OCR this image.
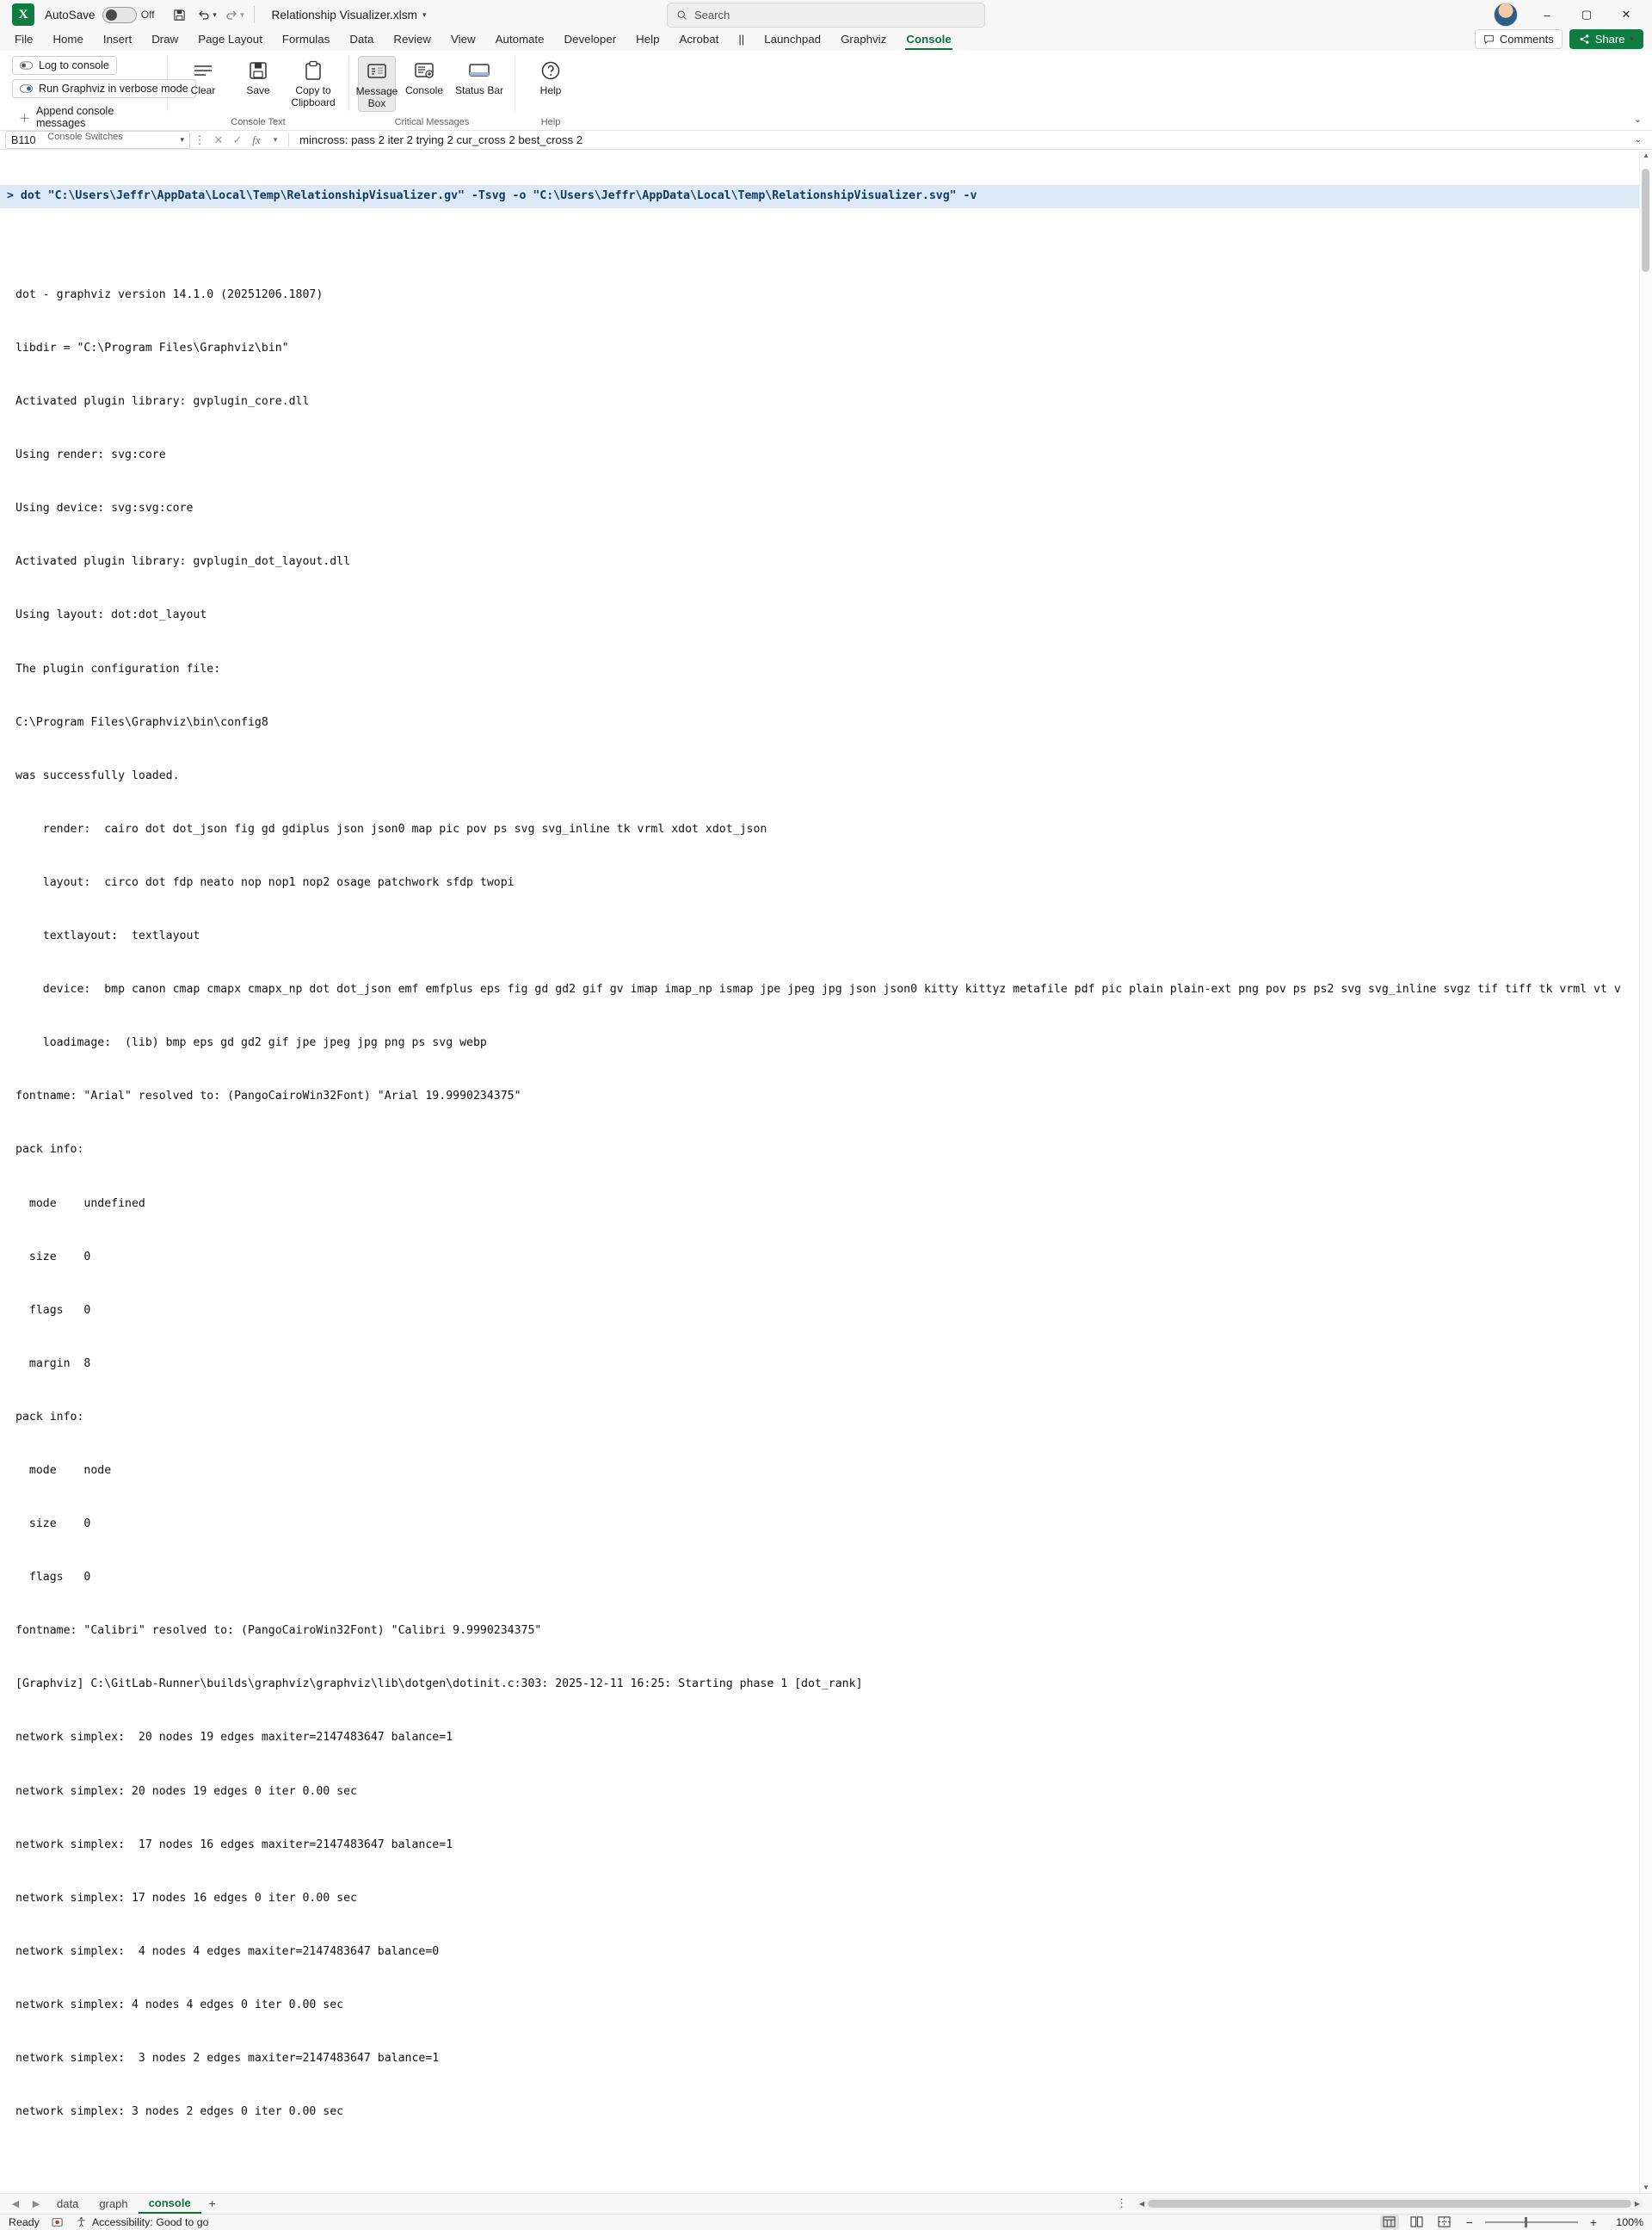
X	AutoSave	Off	▾	▾ Relationship Visualizer.xlsm ▾	Search	–	▢	✕
File	Home	Insert	Draw	Page Layout	Formulas	Data	Review	View	Automate	Developer	Help	Acrobat	||	Launchpad	Graphviz	Console	Comments	Share ▾
Log to console
Run Graphviz in verbose mode
＋
Append console messages
Console Switches
Clear	Save	Copy to Clipboard
Console Text
Message Box
Console Status Bar
Critical Messages
Help
Help	⌄
B110	▾ ⋮ ✕ ✓ fx	▾	mincross: pass 2 iter 2 trying 2 cur_cross 2 best_cross 2	⌄

> dot "C:\Users\Jeffr\AppData\Local\Temp\RelationshipVisualizer.gv" -Tsvg -o "C:\Users\Jeffr\AppData\Local\Temp\RelationshipVisualizer.svg" -v

dot - graphviz version 14.1.0 (20251206.1807)

libdir = "C:\Program Files\Graphviz\bin"

Activated plugin library: gvplugin_core.dll

Using render: svg:core

Using device: svg:svg:core

Activated plugin library: gvplugin_dot_layout.dll

Using layout: dot:dot_layout

The plugin configuration file:

C:\Program Files\Graphviz\bin\config8

was successfully loaded.

render:  cairo dot dot_json fig gd gdiplus json json0 map pic pov ps svg svg_inline tk vrml xdot xdot_json

layout:  circo dot fdp neato nop nop1 nop2 osage patchwork sfdp twopi

textlayout:  textlayout

device:  bmp canon cmap cmapx cmapx_np dot dot_json emf emfplus eps fig gd gd2 gif gv imap imap_np ismap jpe jpeg jpg json json0 kitty kittyz metafile pdf pic plain plain-ext png pov ps ps2 svg svg_inline svgz tif tiff tk vrml vt v

loadimage:  (lib) bmp eps gd gd2 gif jpe jpeg jpg png ps svg webp

fontname: "Arial" resolved to: (PangoCairoWin32Font) "Arial 19.9990234375"

pack info:

mode    undefined

size    0

flags   0

margin  8

pack info:

mode    node

size    0

flags   0

fontname: "Calibri" resolved to: (PangoCairoWin32Font) "Calibri 9.9990234375"

[Graphviz] C:\GitLab-Runner\builds\graphviz\graphviz\lib\dotgen\dotinit.c:303: 2025-12-11 16:25: Starting phase 1 [dot_rank]

network simplex:  20 nodes 19 edges maxiter=2147483647 balance=1

network simplex: 20 nodes 19 edges 0 iter 0.00 sec

network simplex:  17 nodes 16 edges maxiter=2147483647 balance=1

network simplex: 17 nodes 16 edges 0 iter 0.00 sec

network simplex:  4 nodes 4 edges maxiter=2147483647 balance=0

network simplex: 4 nodes 4 edges 0 iter 0.00 sec

network simplex:  3 nodes 2 edges maxiter=2147483647 balance=1

network simplex: 3 nodes 2 edges 0 iter 0.00 sec

▲
▼
◀	▶	data	graph	console	+	⋮	◀	▶
Ready	Accessibility: Good to go	−	+	100%
